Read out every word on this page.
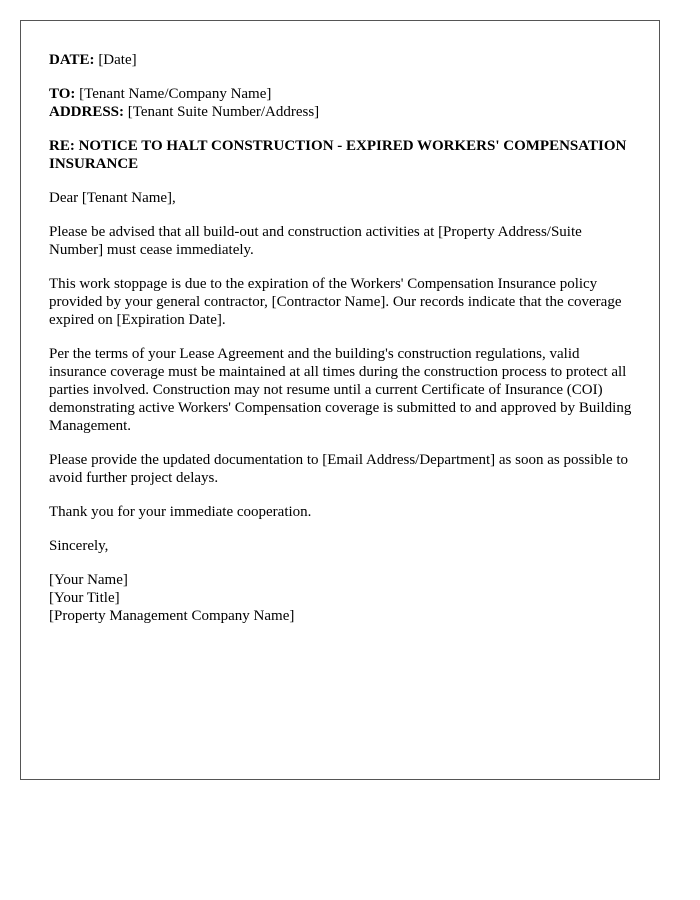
DATE: [Date]

TO: [Tenant Name/Company Name]

ADDRESS: [Tenant Suite Number/Address]

RE: NOTICE TO HALT CONSTRUCTION - EXPIRED WORKERS' COMPENSATION INSURANCE

Dear [Tenant Name],

Please be advised that all build-out and construction activities at [Property Address/Suite Number] must cease immediately.

This work stoppage is due to the expiration of the Workers' Compensation Insurance policy provided by your general contractor, [Contractor Name]. Our records indicate that the coverage expired on [Expiration Date].

Per the terms of your Lease Agreement and the building's construction regulations, valid insurance coverage must be maintained at all times during the construction process to protect all parties involved. Construction may not resume until a current Certificate of Insurance (COI) demonstrating active Workers' Compensation coverage is submitted to and approved by Building Management.

Please provide the updated documentation to [Email Address/Department] as soon as possible to avoid further project delays.

Thank you for your immediate cooperation.

Sincerely,

[Your Name]

[Your Title]

[Property Management Company Name]
